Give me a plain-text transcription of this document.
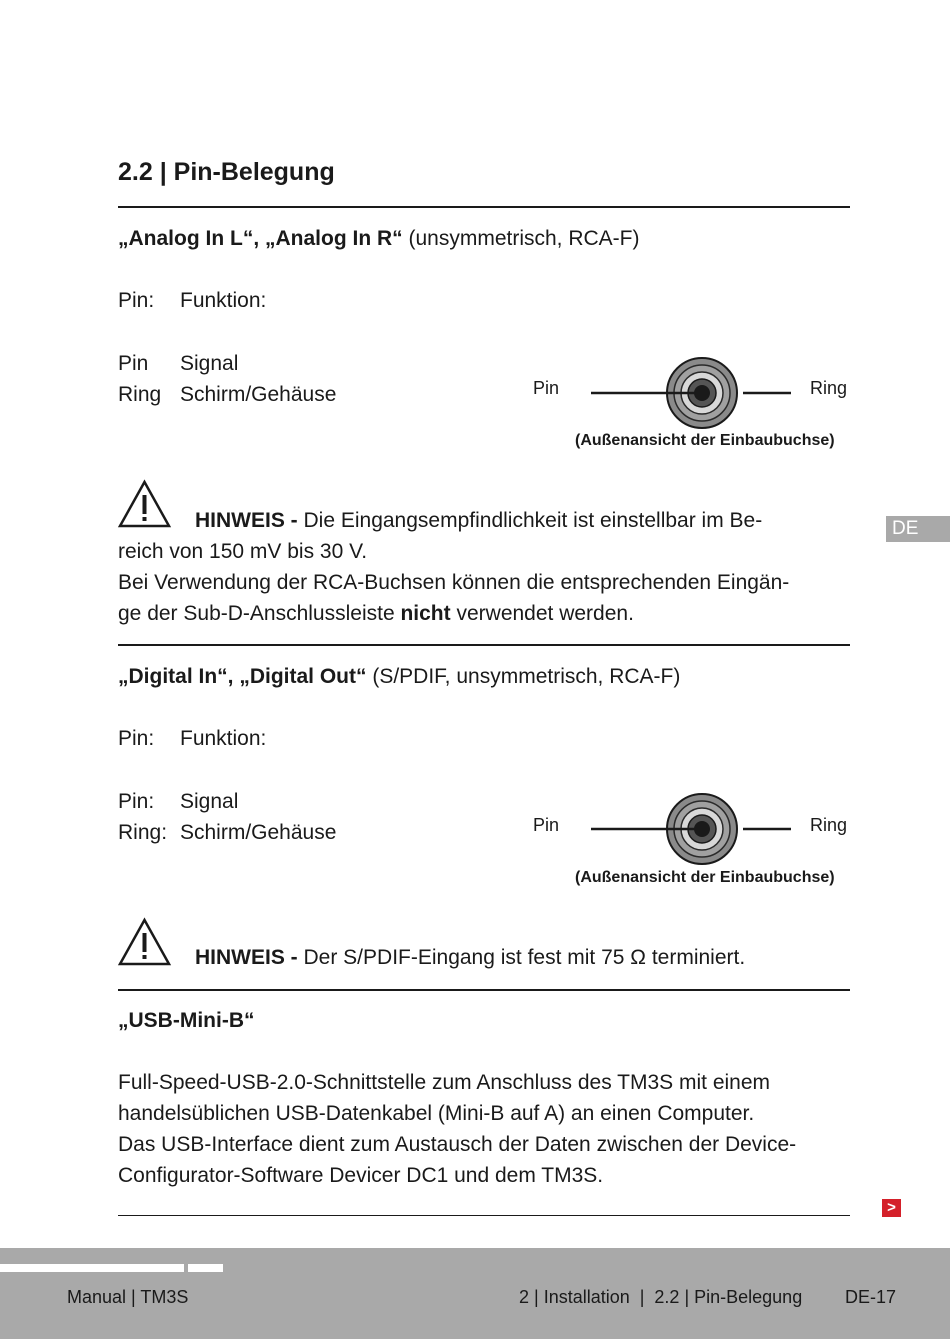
2.2 | Pin-Belegung
„Analog In L“, „Analog In R“ (unsymmetrisch, RCA-F)
Pin: Funktion:
Pin Signal
Ring Schirm/Gehäuse	Pin	Ring
(Außenansicht der Einbaubuchse)
HINWEIS - Die Eingangsempfindlichkeit ist einstellbar im Be-
reich von 150 mV bis 30 V.
Bei Verwendung der RCA-Buchsen können die entsprechenden Eingän-
ge der Sub-D-Anschlussleiste nicht verwendet werden.
„Digital In“, „Digital Out“ (S/PDIF, unsymmetrisch, RCA-F)
Pin: Funktion:
Pin: Signal
Ring: Schirm/Gehäuse	Pin	Ring
(Außenansicht der Einbaubuchse)
HINWEIS - Der S/PDIF-Eingang ist fest mit 75 Ω terminiert.
„USB-Mini-B“
Full-Speed-USB-2.0-Schnittstelle zum Anschluss des TM3S mit einem
handelsüblichen USB-Datenkabel (Mini-B auf A) an einen Computer.
Das USB-Interface dient zum Austausch der Daten zwischen der Device-
Configurator-Software Devicer DC1 und dem TM3S.
DE
>
Manual | TM3S	2 | Installation  |  2.2 | Pin-Belegung DE-17
